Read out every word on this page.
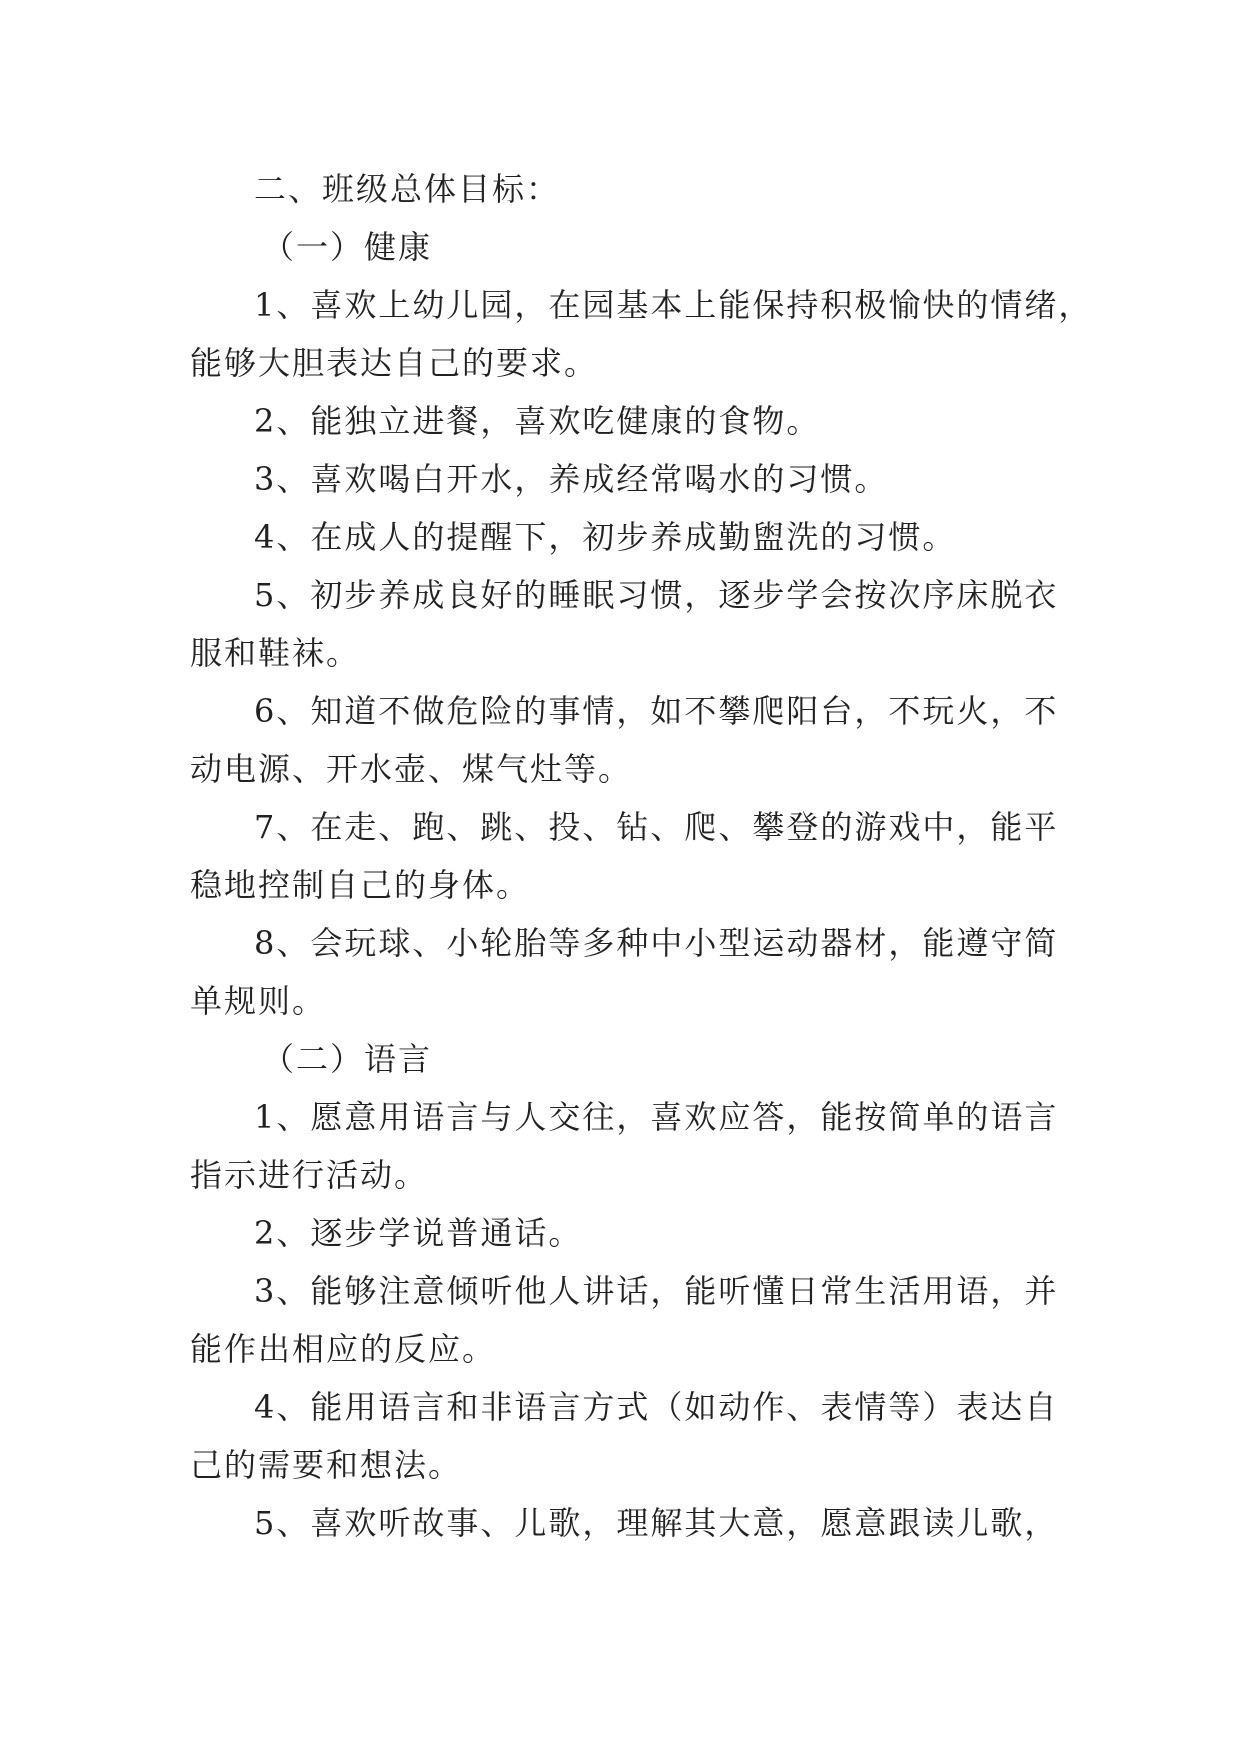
二、班级总体目标：
（一）健康
1、喜欢上幼儿园，在园基本上能保持积极愉快的情绪，
能够大胆表达自己的要求。
2、能独立进餐，喜欢吃健康的食物。
3、喜欢喝白开水，养成经常喝水的习惯。
4、在成人的提醒下，初步养成勤盥洗的习惯。
5、初步养成良好的睡眠习惯，逐步学会按次序床脱衣
服和鞋袜。
6、知道不做危险的事情，如不攀爬阳台，不玩火，不
动电源、开水壶、煤气灶等。
7、在走、跑、跳、投、钻、爬、攀登的游戏中，能平
稳地控制自己的身体。
8、会玩球、小轮胎等多种中小型运动器材，能遵守简
单规则。
（二）语言
1、愿意用语言与人交往，喜欢应答，能按简单的语言
指示进行活动。
2、逐步学说普通话。
3、能够注意倾听他人讲话，能听懂日常生活用语，并
能作出相应的反应。
4、能用语言和非语言方式（如动作、表情等）表达自
己的需要和想法。
5、喜欢听故事、儿歌，理解其大意，愿意跟读儿歌，
